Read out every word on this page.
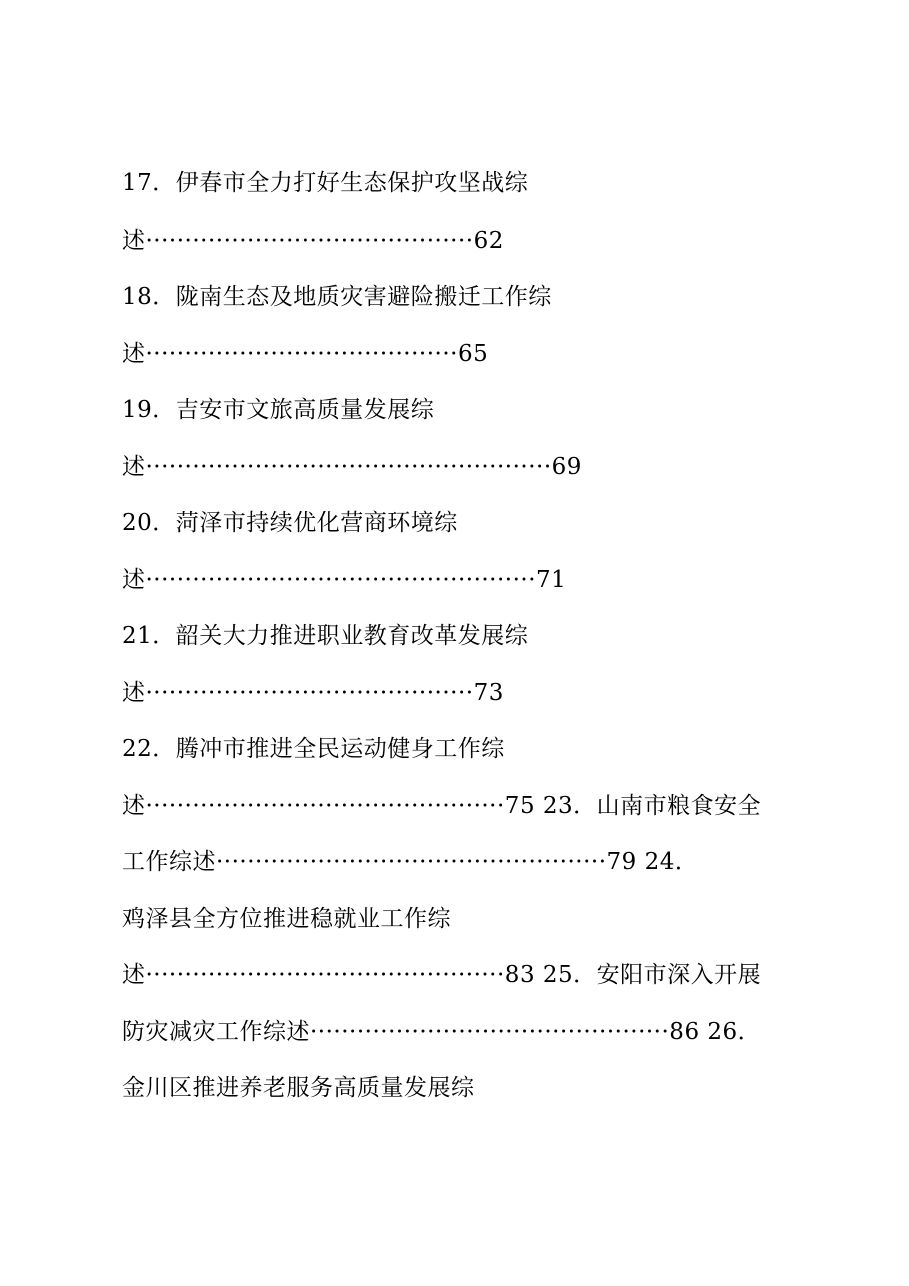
17．伊春市全力打好生态保护攻坚战综
述··········································62
18．陇南生态及地质灾害避险搬迁工作综
述········································65
19．吉安市文旅高质量发展综
述····················································69
20．菏泽市持续优化营商环境综
述··················································71
21．韶关大力推进职业教育改革发展综
述··········································73
22．腾冲市推进全民运动健身工作综
述··············································75 23．山南市粮食安全
工作综述··················································79 24．
鸡泽县全方位推进稳就业工作综
述··············································83 25．安阳市深入开展
防灾减灾工作综述··············································86 26．
金川区推进养老服务高质量发展综
